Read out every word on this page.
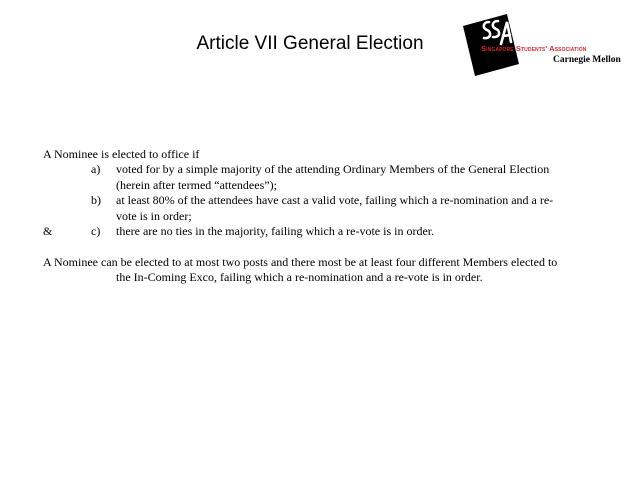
Article VII General Election	Singapore Students' Association
Carnegie Mellon
A Nominee is elected to office if
a) voted for by a simple majority of the attending Ordinary Members of the General Election
(herein after termed “attendees”);
b) at least 80% of the attendees have cast a valid vote, failing which a re-nomination and a re-
vote is in order;
&	c) there are no ties in the majority, failing which a re-vote is in order.
A Nominee can be elected to at most two posts and there most be at least four different Members elected to
the In-Coming Exco, failing which a re-nomination and a re-vote is in order.
